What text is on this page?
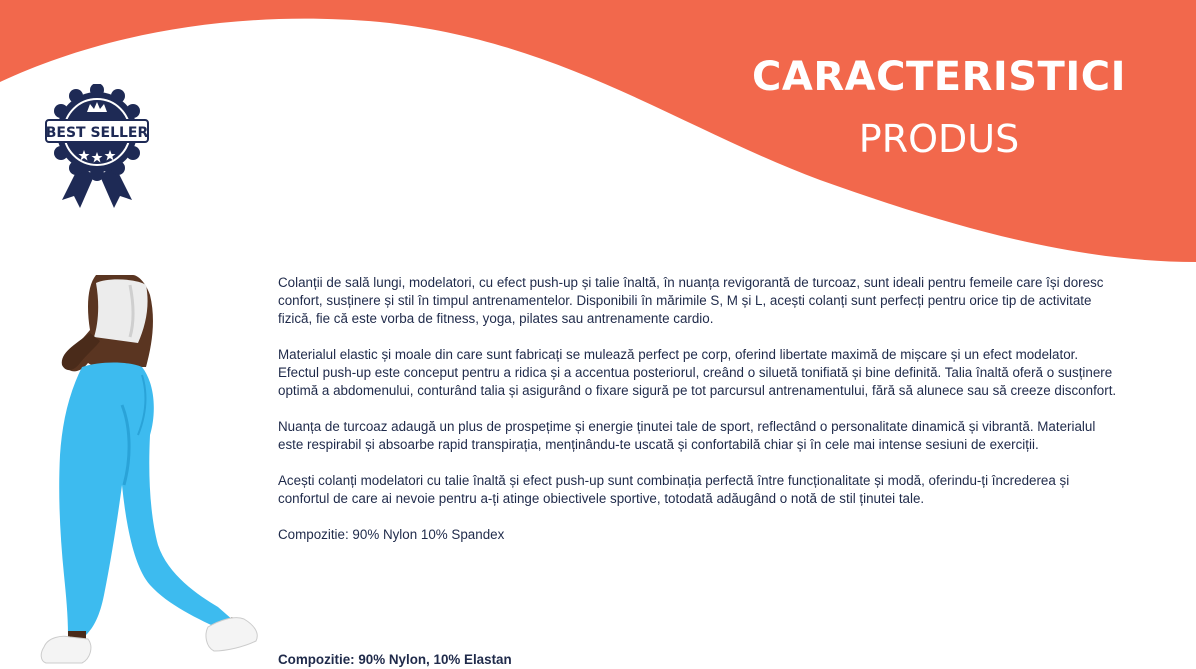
CARACTERISTICI
PRODUS
BEST SELLER

Colanții de sală lungi, modelatori, cu efect push-up și talie înaltă, în nuanța revigorantă de turcoaz, sunt ideali pentru femeile care își doresc confort, susținere și stil în timpul antrenamentelor. Disponibili în mărimile S, M și L, acești colanți sunt perfecți pentru orice tip de activitate fizică, fie că este vorba de fitness, yoga, pilates sau antrenamente cardio.

Materialul elastic și moale din care sunt fabricați se mulează perfect pe corp, oferind libertate maximă de mișcare și un efect modelator. Efectul push-up este conceput pentru a ridica și a accentua posteriorul, creând o siluetă tonifiată și bine definită. Talia înaltă oferă o susținere optimă a abdomenului, conturând talia și asigurând o fixare sigură pe tot parcursul antrenamentului, fără să alunece sau să creeze disconfort.

Nuanța de turcoaz adaugă un plus de prospețime și energie ținutei tale de sport, reflectând o personalitate dinamică și vibrantă. Materialul este respirabil și absoarbe rapid transpirația, menținându-te uscată și confortabilă chiar și în cele mai intense sesiuni de exerciții.

Acești colanți modelatori cu talie înaltă și efect push-up sunt combinația perfectă între funcționalitate și modă, oferindu-ți încrederea și confortul de care ai nevoie pentru a-ți atinge obiectivele sportive, totodată adăugând o notă de stil ținutei tale.

Compozitie: 90% Nylon 10% Spandex

Compozitie: 90% Nylon, 10% Elastan
